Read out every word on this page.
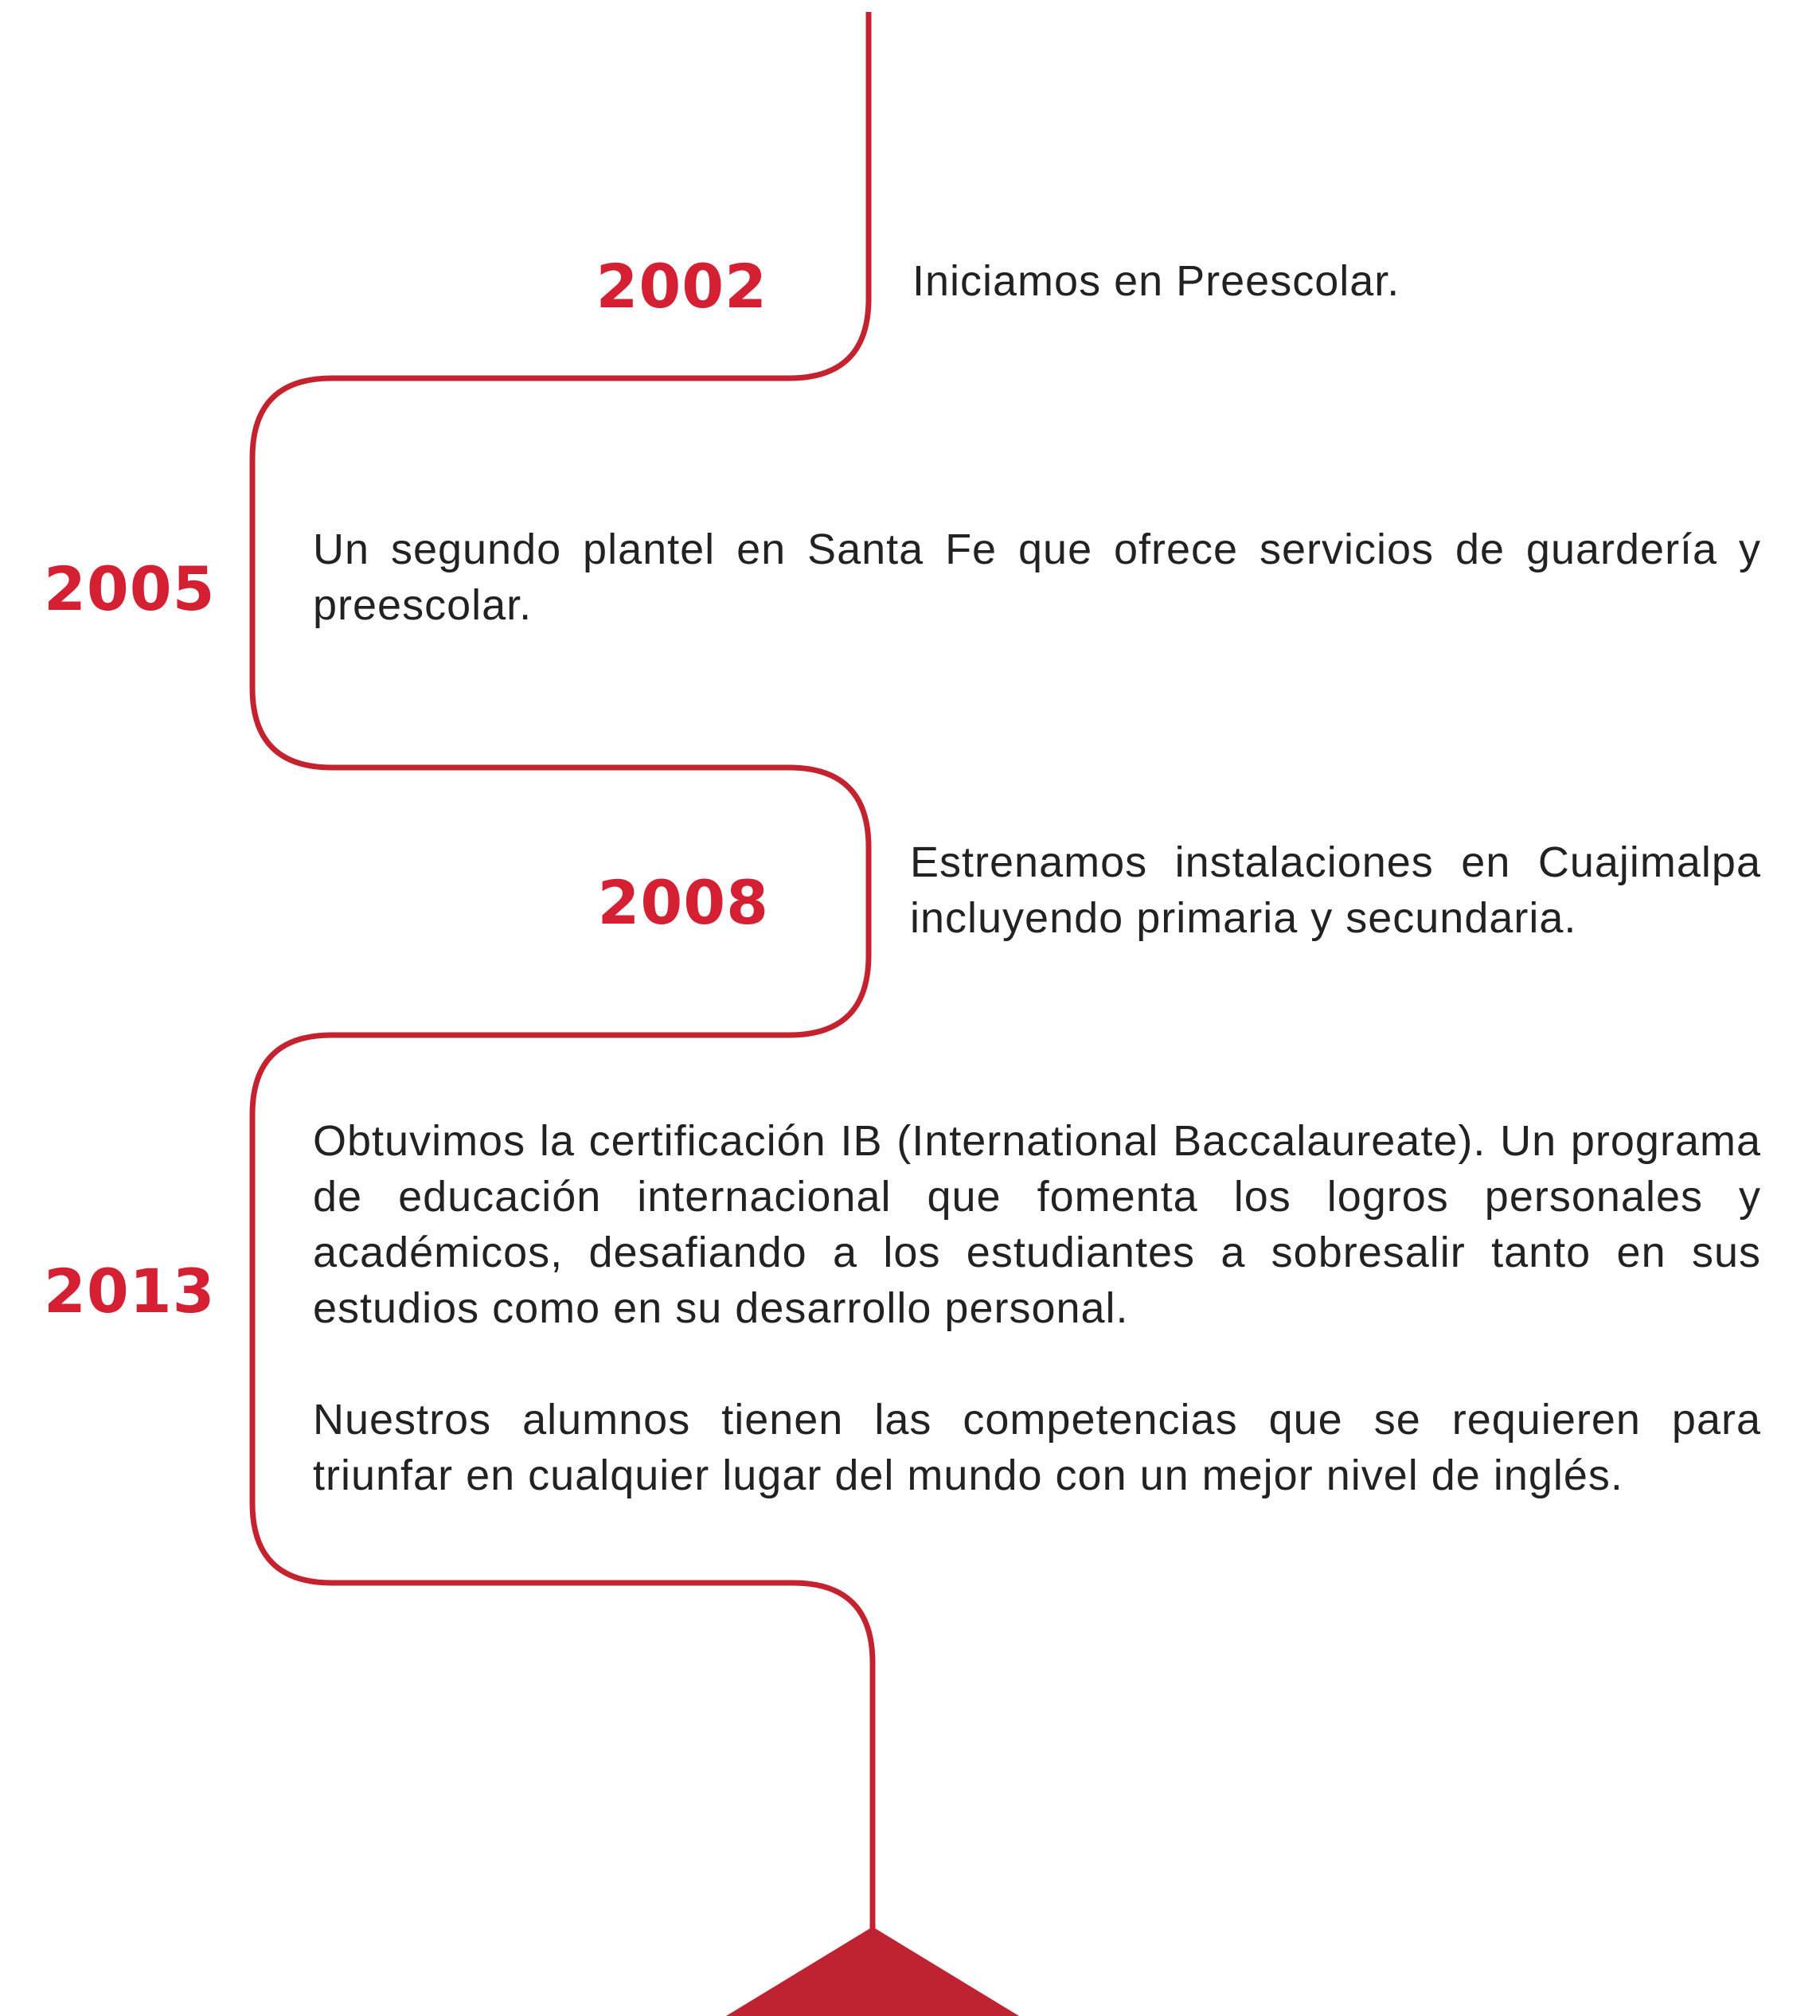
2002	Iniciamos en Preescolar.

2005

Un segundo plantel en Santa Fe que ofrece servicios de guardería y preescolar.

2008

Estrenamos instalaciones en Cuajimalpa incluyendo primaria y secundaria.

2013

Obtuvimos la certificación IB (International Baccalaureate). Un programa de educación internacional que fomenta los logros personales y académicos, desafiando a los estudiantes a sobresalir tanto en sus estudios como en su desarrollo personal.

Nuestros alumnos tienen las competencias que se requieren para triunfar en cualquier lugar del mundo con un mejor nivel de inglés.
